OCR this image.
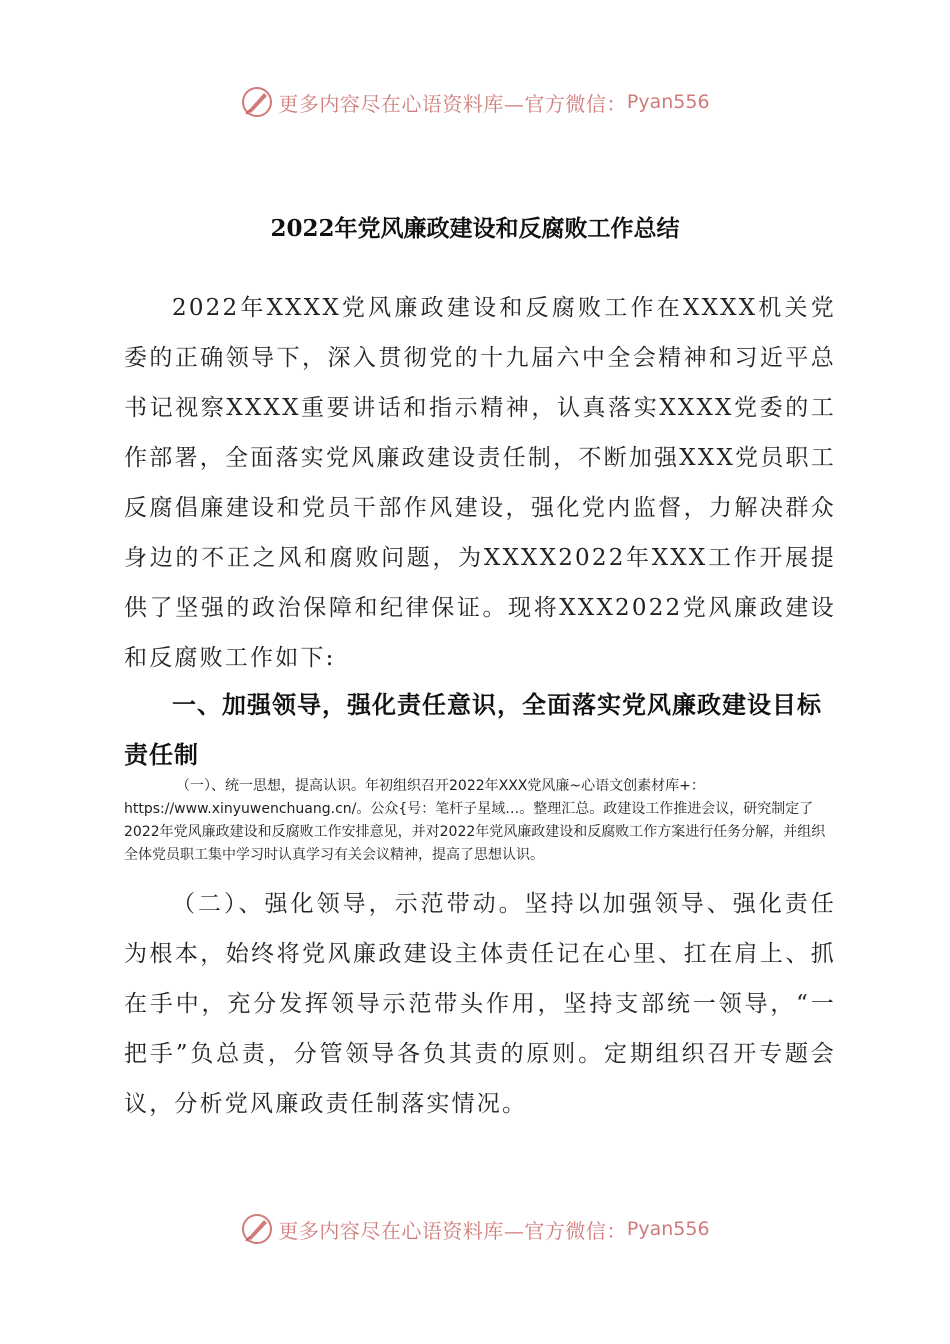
更多内容尽在心语资料库—官方微信： Pyan556
2022年党风廉政建设和反腐败工作总结

2022年XXXX党风廉政建设和反腐败工作在XXXX机关党委的正确领导下，深入贯彻党的十九届六中全会精神和习近平总书记视察XXXX重要讲话和指示精神，认真落实XXXX党委的工作部署，全面落实党风廉政建设责任制，不断加强XXX党员职工反腐倡廉建设和党员干部作风建设，强化党内监督，力解决群众身边的不正之风和腐败问题，为XXXX2022年XXX工作开展提供了坚强的政治保障和纪律保证。现将XXX2022党风廉政建设和反腐败工作如下:

一、加强领导，强化责任意识，全面落实党风廉政建设目标责任制

（一）、统一思想，提高认识。年初组织召开2022年XXX党风廉~心语文创素材库+：https://www.xinyuwenchuang.cn/。公众{号：笔杆子星域…。整理汇总。政建设工作推进会议，研究制定了2022年党风廉政建设和反腐败工作安排意见，并对2022年党风廉政建设和反腐败工作方案进行任务分解，并组织全体党员职工集中学习时认真学习有关会议精神，提高了思想认识。

（二）、强化领导，示范带动。坚持以加强领导、强化责任为根本，始终将党风廉政建设主体责任记在心里、扛在肩上、抓在手中，充分发挥领导示范带头作用，坚持支部统一领导，“一把手”负总责，分管领导各负其责的原则。定期组织召开专题会议，分析党风廉政责任制落实情况。

更多内容尽在心语资料库—官方微信： Pyan556
